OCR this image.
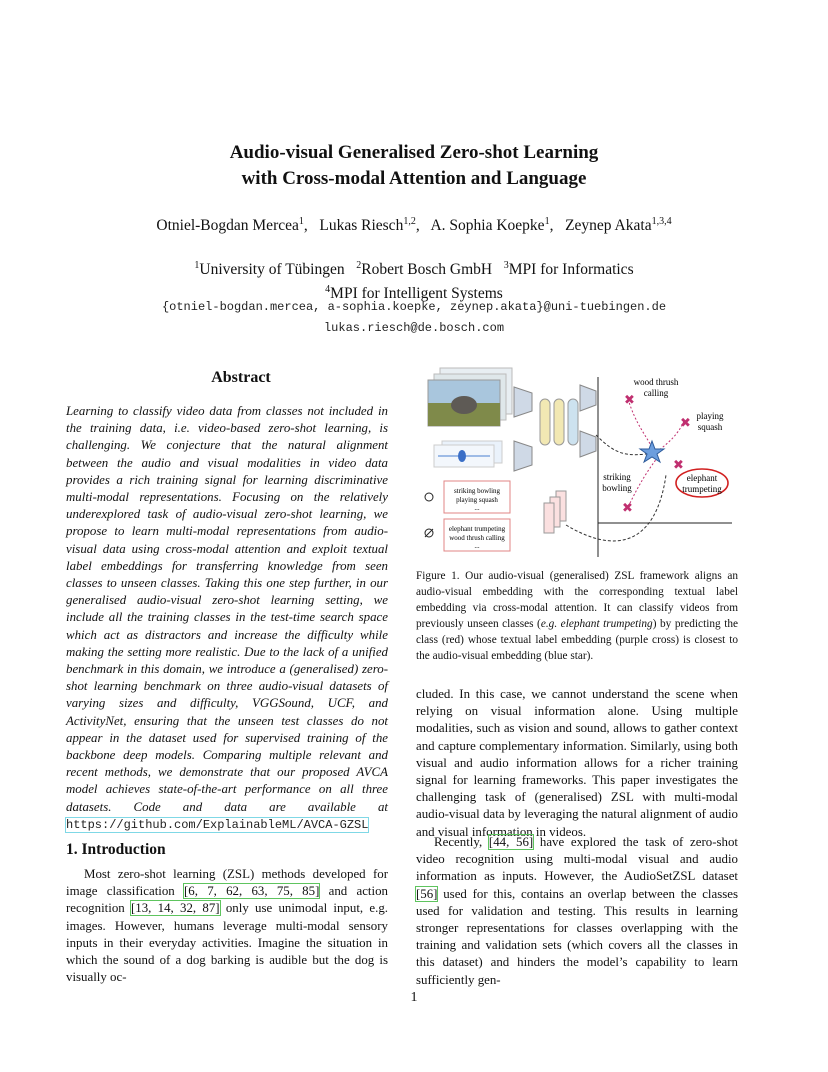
Audio-visual Generalised Zero-shot Learning
with Cross-modal Attention and Language
Otniel-Bogdan Mercea$^1$,   Lukas Riesch$^{1,2}$,   A. Sophia Koepke$^1$,   Zeynep Akata$^{1,3,4}$
$^1$University of Tübingen $^2$Robert Bosch GmbH $^3$MPI for Informatics
$^4$MPI for Intelligent Systems
{otniel-bogdan.mercea, a-sophia.koepke, zeynep.akata}@uni-tuebingen.de
lukas.riesch@de.bosch.com
Abstract
Learning to classify video data from classes not included in the training data, i.e. video-based zero-shot learning, is challenging. We conjecture that the natural alignment between the audio and visual modalities in video data provides a rich training signal for learning discriminative multi-modal representations. Focusing on the relatively underexplored task of audio-visual zero-shot learning, we propose to learn multi-modal representations from audio-visual data using cross-modal attention and exploit textual label embeddings for transferring knowledge from seen classes to unseen classes. Taking this one step further, in our generalised audio-visual zero-shot learning setting, we include all the training classes in the test-time search space which act as distractors and increase the difficulty while making the setting more realistic. Due to the lack of a unified benchmark in this domain, we introduce a (generalised) zero-shot learning benchmark on three audio-visual datasets of varying sizes and difficulty, VGGSound, UCF, and ActivityNet, ensuring that the unseen test classes do not appear in the dataset used for supervised training of the backbone deep models. Comparing multiple relevant and recent methods, we demonstrate that our proposed AVCA model achieves state-of-the-art performance on all three datasets. Code and data are available at https://github.com/ExplainableML/AVCA-GZSL
1. Introduction
Most zero-shot learning (ZSL) methods developed for image classification [6, 7, 62, 63, 75, 85] and action recognition [13, 14, 32, 87] only use unimodal input, e.g. images. However, humans leverage multi-modal sensory inputs in their everyday activities. Imagine the situation in which the sound of a dog barking is audible but the dog is visually oc-
striking bowling
playing squash
...
elephant trumpeting
wood thrush calling
...
✖
✖
✖
✖
wood thrush
calling
playing
squash
striking
bowling
elephant
trumpeting
Figure 1. Our audio-visual (generalised) ZSL framework aligns an audio-visual embedding with the corresponding textual label embedding via cross-modal attention. It can classify videos from previously unseen classes (e.g. elephant trumpeting) by predicting the class (red) whose textual label embedding (purple cross) is closest to the audio-visual embedding (blue star).
cluded. In this case, we cannot understand the scene when relying on visual information alone. Using multiple modalities, such as vision and sound, allows to gather context and capture complementary information. Similarly, using both visual and audio information allows for a richer training signal for learning frameworks. This paper investigates the challenging task of (generalised) ZSL with multi-modal audio-visual data by leveraging the natural alignment of audio and visual information in videos.
Recently, [44, 56] have explored the task of zero-shot video recognition using multi-modal visual and audio information as inputs. However, the AudioSetZSL dataset [56] used for this, contains an overlap between the classes used for validation and testing. This results in learning stronger representations for classes overlapping with the training and validation sets (which covers all the classes in this dataset) and hinders the model’s capability to learn sufficiently gen-
1
